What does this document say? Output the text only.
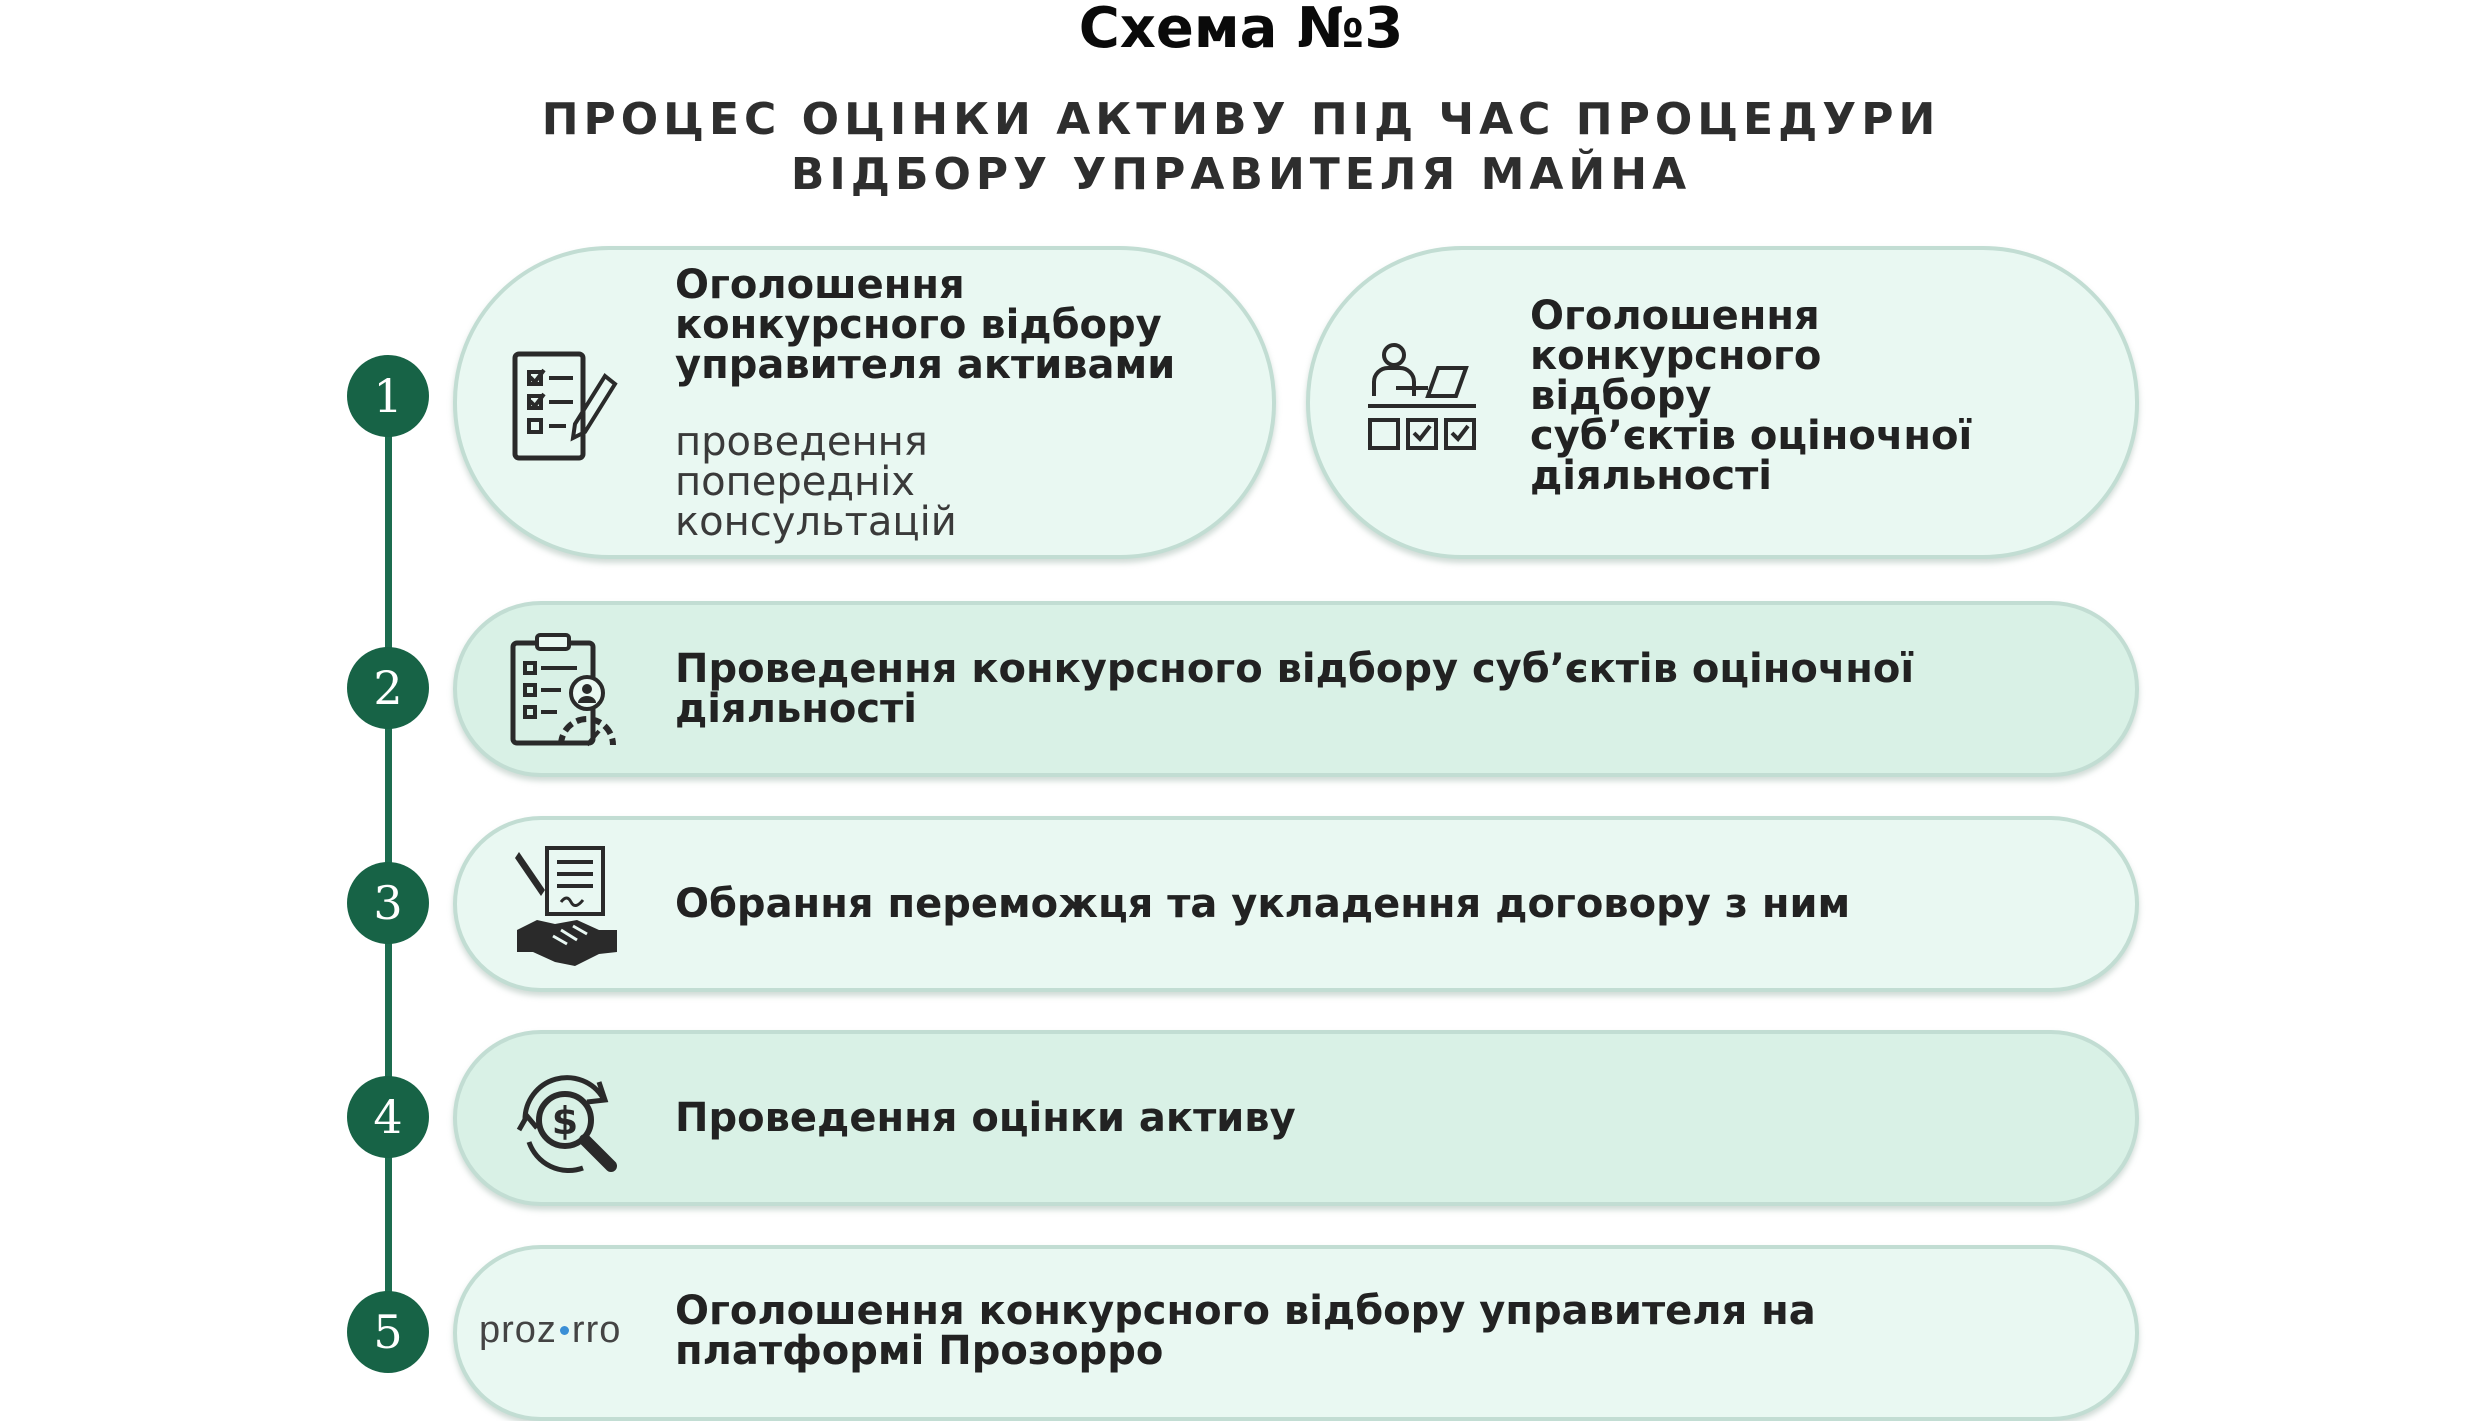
Схема №3
ПРОЦЕС ОЦІНКИ АКТИВУ ПІД ЧАС ПРОЦЕДУРИ
ВІДБОРУ УПРАВИТЕЛЯ МАЙНА
1
2
3
4
5
Оголошення
конкурсного відбору
управителя активами
проведення
попередніх
консультацій
Оголошення
конкурсного
відбору
суб’єктів оціночної
діяльності
Проведення конкурсного відбору суб’єктів оціночної
діяльності
Обрання переможця та укладення договору з ним
$ Проведення оцінки активу
proz rro Оголошення конкурсного відбору управителя на
платформі Прозорро
